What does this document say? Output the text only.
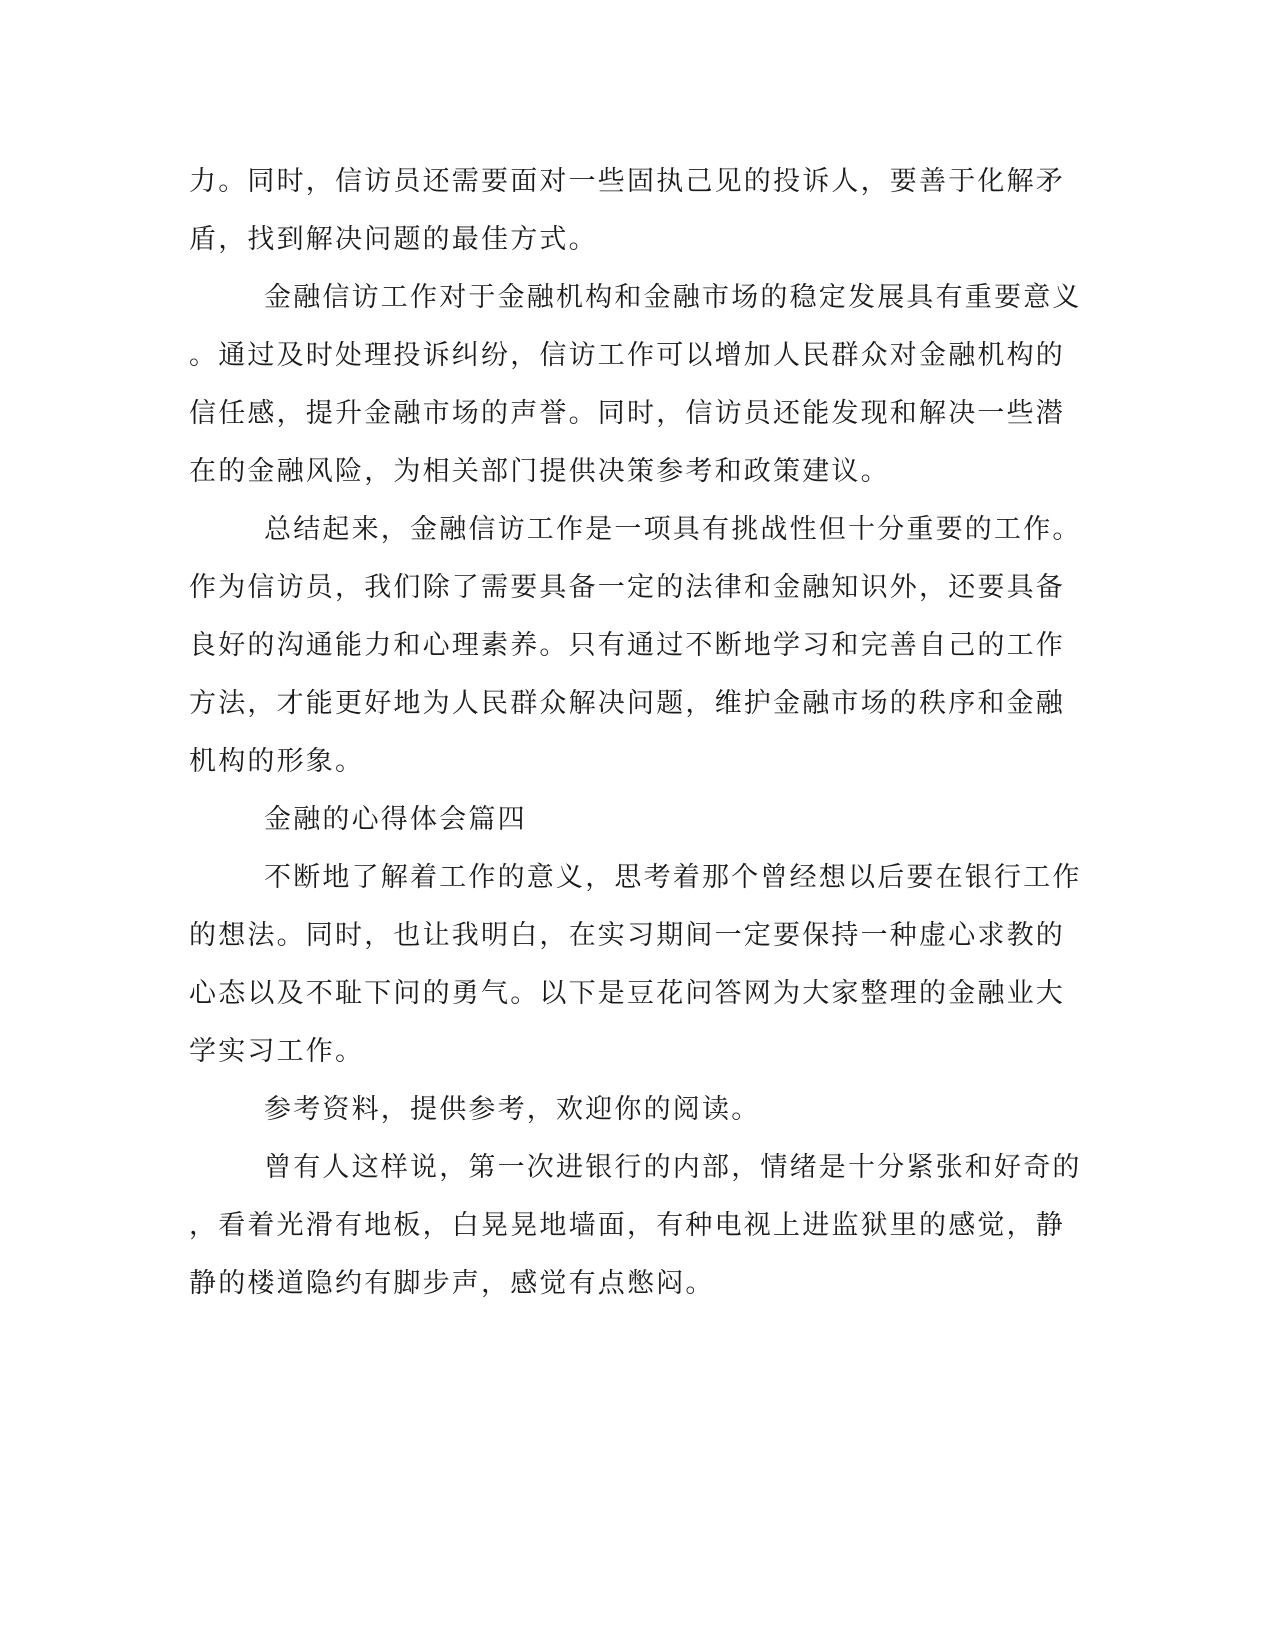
力。同时，信访员还需要面对一些固执己见的投诉人，要善于化解矛
盾，找到解决问题的最佳方式。
金融信访工作对于金融机构和金融市场的稳定发展具有重要意义
。通过及时处理投诉纠纷，信访工作可以增加人民群众对金融机构的
信任感，提升金融市场的声誉。同时，信访员还能发现和解决一些潜
在的金融风险，为相关部门提供决策参考和政策建议。
总结起来，金融信访工作是一项具有挑战性但十分重要的工作。
作为信访员，我们除了需要具备一定的法律和金融知识外，还要具备
良好的沟通能力和心理素养。只有通过不断地学习和完善自己的工作
方法，才能更好地为人民群众解决问题，维护金融市场的秩序和金融
机构的形象。
金融的心得体会篇四
不断地了解着工作的意义，思考着那个曾经想以后要在银行工作
的想法。同时，也让我明白，在实习期间一定要保持一种虚心求教的
心态以及不耻下问的勇气。以下是豆花问答网为大家整理的金融业大
学实习工作。
参考资料，提供参考，欢迎你的阅读。
曾有人这样说，第一次进银行的内部，情绪是十分紧张和好奇的
，看着光滑有地板，白晃晃地墙面，有种电视上进监狱里的感觉，静
静的楼道隐约有脚步声，感觉有点憋闷。
